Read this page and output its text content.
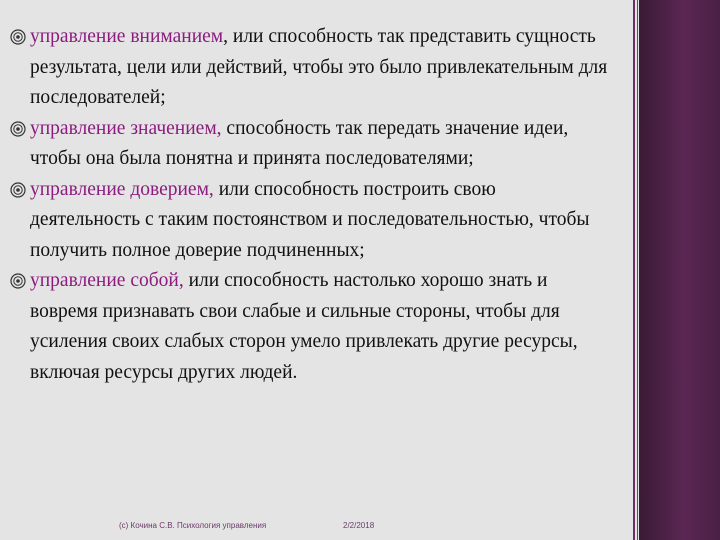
управление вниманием, или способность так представить сущность результата, цели или действий, чтобы это было привлекательным для последователей;
управление значением, способность так передать значение идеи, чтобы она была понятна и принята последователями;
управление доверием, или способность построить свою деятельность с таким постоянством и последовательностью, чтобы получить полное доверие подчиненных;
управление собой, или способность настолько хорошо знать и вовремя признавать свои слабые и сильные стороны, чтобы для усиления своих слабых сторон умело привлекать другие ресурсы, включая ресурсы других людей.
(c) Кочина С.В. Психология управления	2/2/2018
